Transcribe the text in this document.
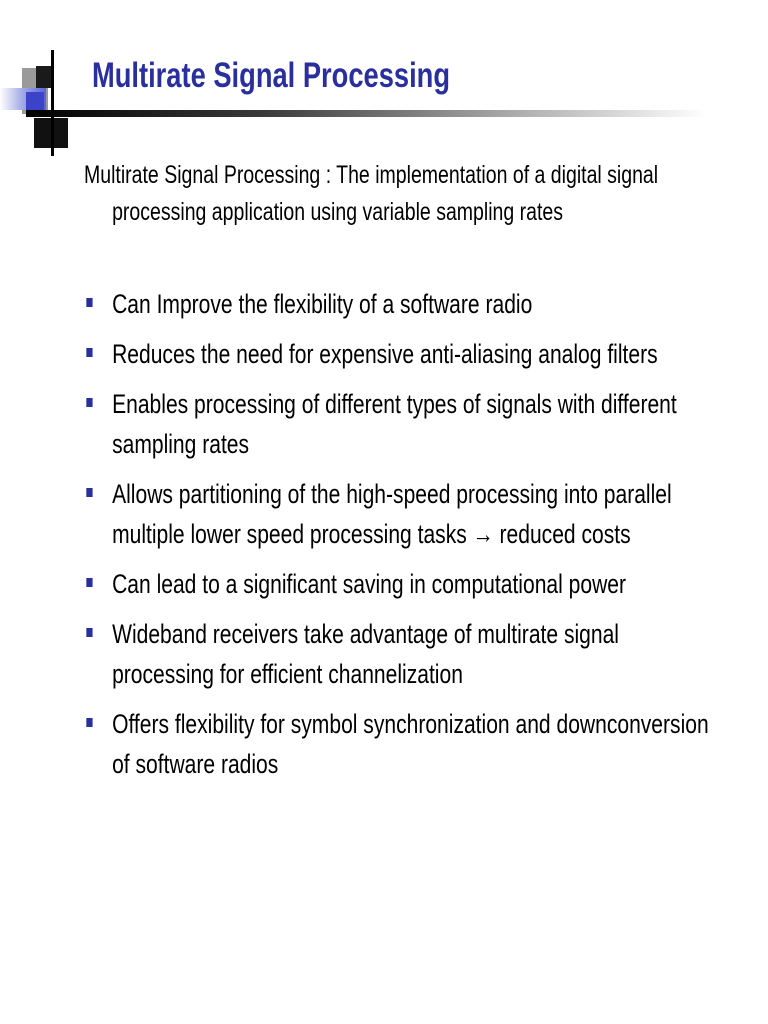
Multirate Signal Processing
Multirate Signal Processing : The implementation of a digital signal processing application using variable sampling rates
Can Improve the flexibility of a software radio
Reduces the need for expensive anti-aliasing analog filters
Enables processing of different types of signals with different sampling rates
Allows partitioning of the high-speed processing into parallel multiple lower speed processing tasks → reduced costs
Can lead to a significant saving in computational power
Wideband receivers take advantage of multirate signal processing for efficient channelization
Offers flexibility for symbol synchronization and downconversion of software radios
